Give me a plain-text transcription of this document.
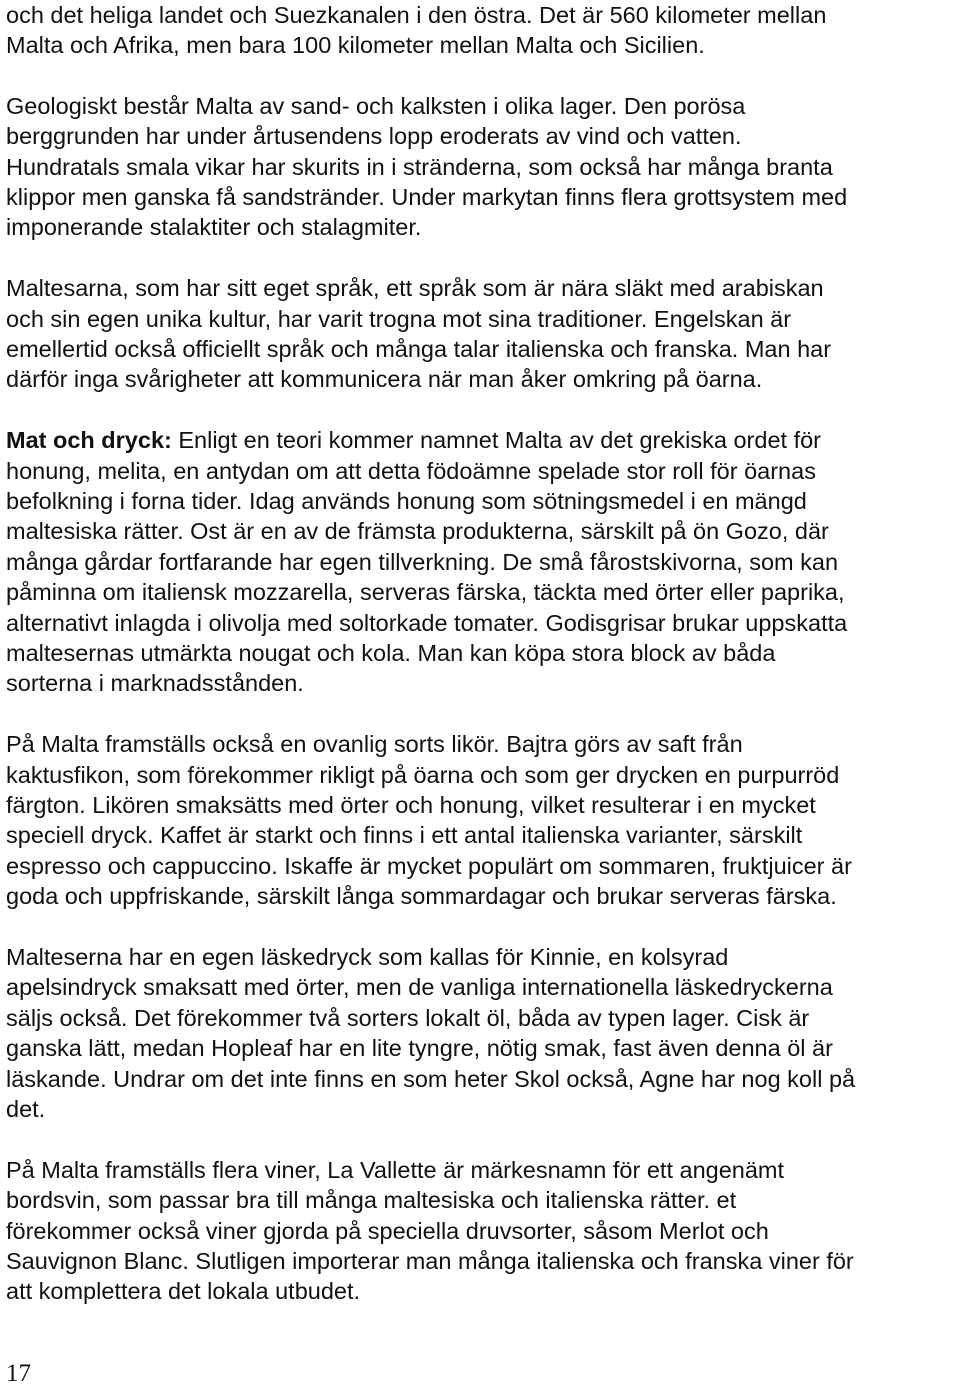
och det heliga landet och Suezkanalen i den östra. Det är 560 kilometer mellan
Malta och Afrika, men bara 100 kilometer mellan Malta och Sicilien.

Geologiskt består Malta av sand- och kalksten i olika lager. Den porösa
berggrunden har under årtusendens lopp eroderats av vind och vatten.
Hundratals smala vikar har skurits in i stränderna, som också har många branta
klippor men ganska få sandstränder. Under markytan finns flera grottsystem med
imponerande stalaktiter och stalagmiter.

Maltesarna, som har sitt eget språk, ett språk som är nära släkt med arabiskan
och sin egen unika kultur, har varit trogna mot sina traditioner. Engelskan är
emellertid också officiellt språk och många talar italienska och franska. Man har
därför inga svårigheter att kommunicera när man åker omkring på öarna.

Mat och dryck: Enligt en teori kommer namnet Malta av det grekiska ordet för
honung, melita, en antydan om att detta födoämne spelade stor roll för öarnas
befolkning i forna tider. Idag används honung som sötningsmedel i en mängd
maltesiska rätter. Ost är en av de främsta produkterna, särskilt på ön Gozo, där
många gårdar fortfarande har egen tillverkning. De små fårostskivorna, som kan
påminna om italiensk mozzarella, serveras färska, täckta med örter eller paprika,
alternativt inlagda i olivolja med soltorkade tomater. Godisgrisar brukar uppskatta
maltesernas utmärkta nougat och kola. Man kan köpa stora block av båda
sorterna i marknadsstånden.

På Malta framställs också en ovanlig sorts likör. Bajtra görs av saft från
kaktusfikon, som förekommer rikligt på öarna och som ger drycken en purpurröd
färgton. Likören smaksätts med örter och honung, vilket resulterar i en mycket
speciell dryck. Kaffet är starkt och finns i ett antal italienska varianter, särskilt
espresso och cappuccino. Iskaffe är mycket populärt om sommaren, fruktjuicer är
goda och uppfriskande, särskilt långa sommardagar och brukar serveras färska.

Malteserna har en egen läskedryck som kallas för Kinnie, en kolsyrad
apelsindryck smaksatt med örter, men de vanliga internationella läskedryckerna
säljs också. Det förekommer två sorters lokalt öl, båda av typen lager. Cisk är
ganska lätt, medan Hopleaf har en lite tyngre, nötig smak, fast även denna öl är
läskande. Undrar om det inte finns en som heter Skol också, Agne har nog koll på
det.

På Malta framställs flera viner, La Vallette är märkesnamn för ett angenämt
bordsvin, som passar bra till många maltesiska och italienska rätter. et
förekommer också viner gjorda på speciella druvsorter, såsom Merlot och
Sauvignon Blanc. Slutligen importerar man många italienska och franska viner för
att komplettera det lokala utbudet.

17
